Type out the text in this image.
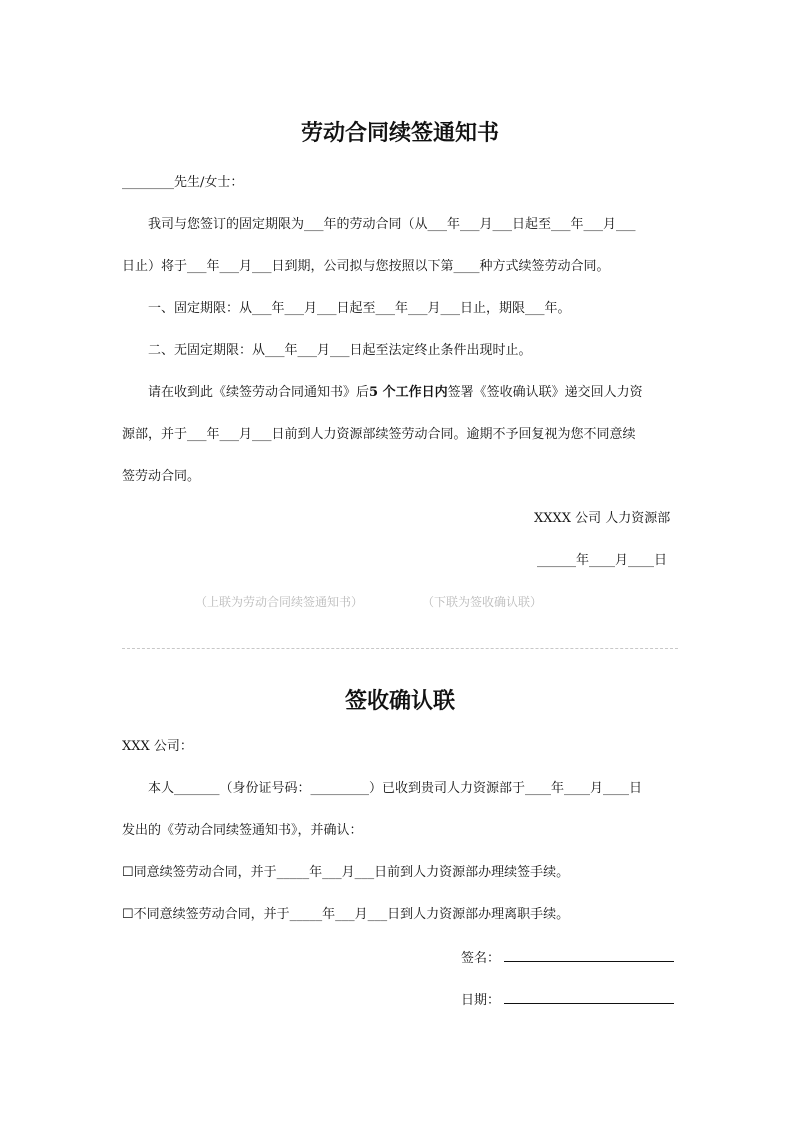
劳动合同续签通知书
________先生/女士：
我司与您签订的固定期限为___年的劳动合同（从___年___月___日起至___年___月___
日止）将于___年___月___日到期，公司拟与您按照以下第____种方式续签劳动合同。
一、固定期限：从___年___月___日起至___年___月___日止，期限___年。
二、无固定期限：从___年___月___日起至法定终止条件出现时止。
请在收到此《续签劳动合同通知书》后5 个工作日内签署《签收确认联》递交回人力资
源部，并于___年___月___日前到人力资源部续签劳动合同。逾期不予回复视为您不同意续
签劳动合同。
XXXX 公司 人力资源部
______年____月____日
（上联为劳动合同续签通知书）	（下联为签收确认联）
签收确认联
XXX 公司：
本人_______（身份证号码：_________）已收到贵司人力资源部于____年____月____日
发出的《劳动合同续签通知书》，并确认：
☐同意续签劳动合同，并于_____年___月___日前到人力资源部办理续签手续。
☐不同意续签劳动合同，并于_____年___月___日到人力资源部办理离职手续。
签名：
日期：
